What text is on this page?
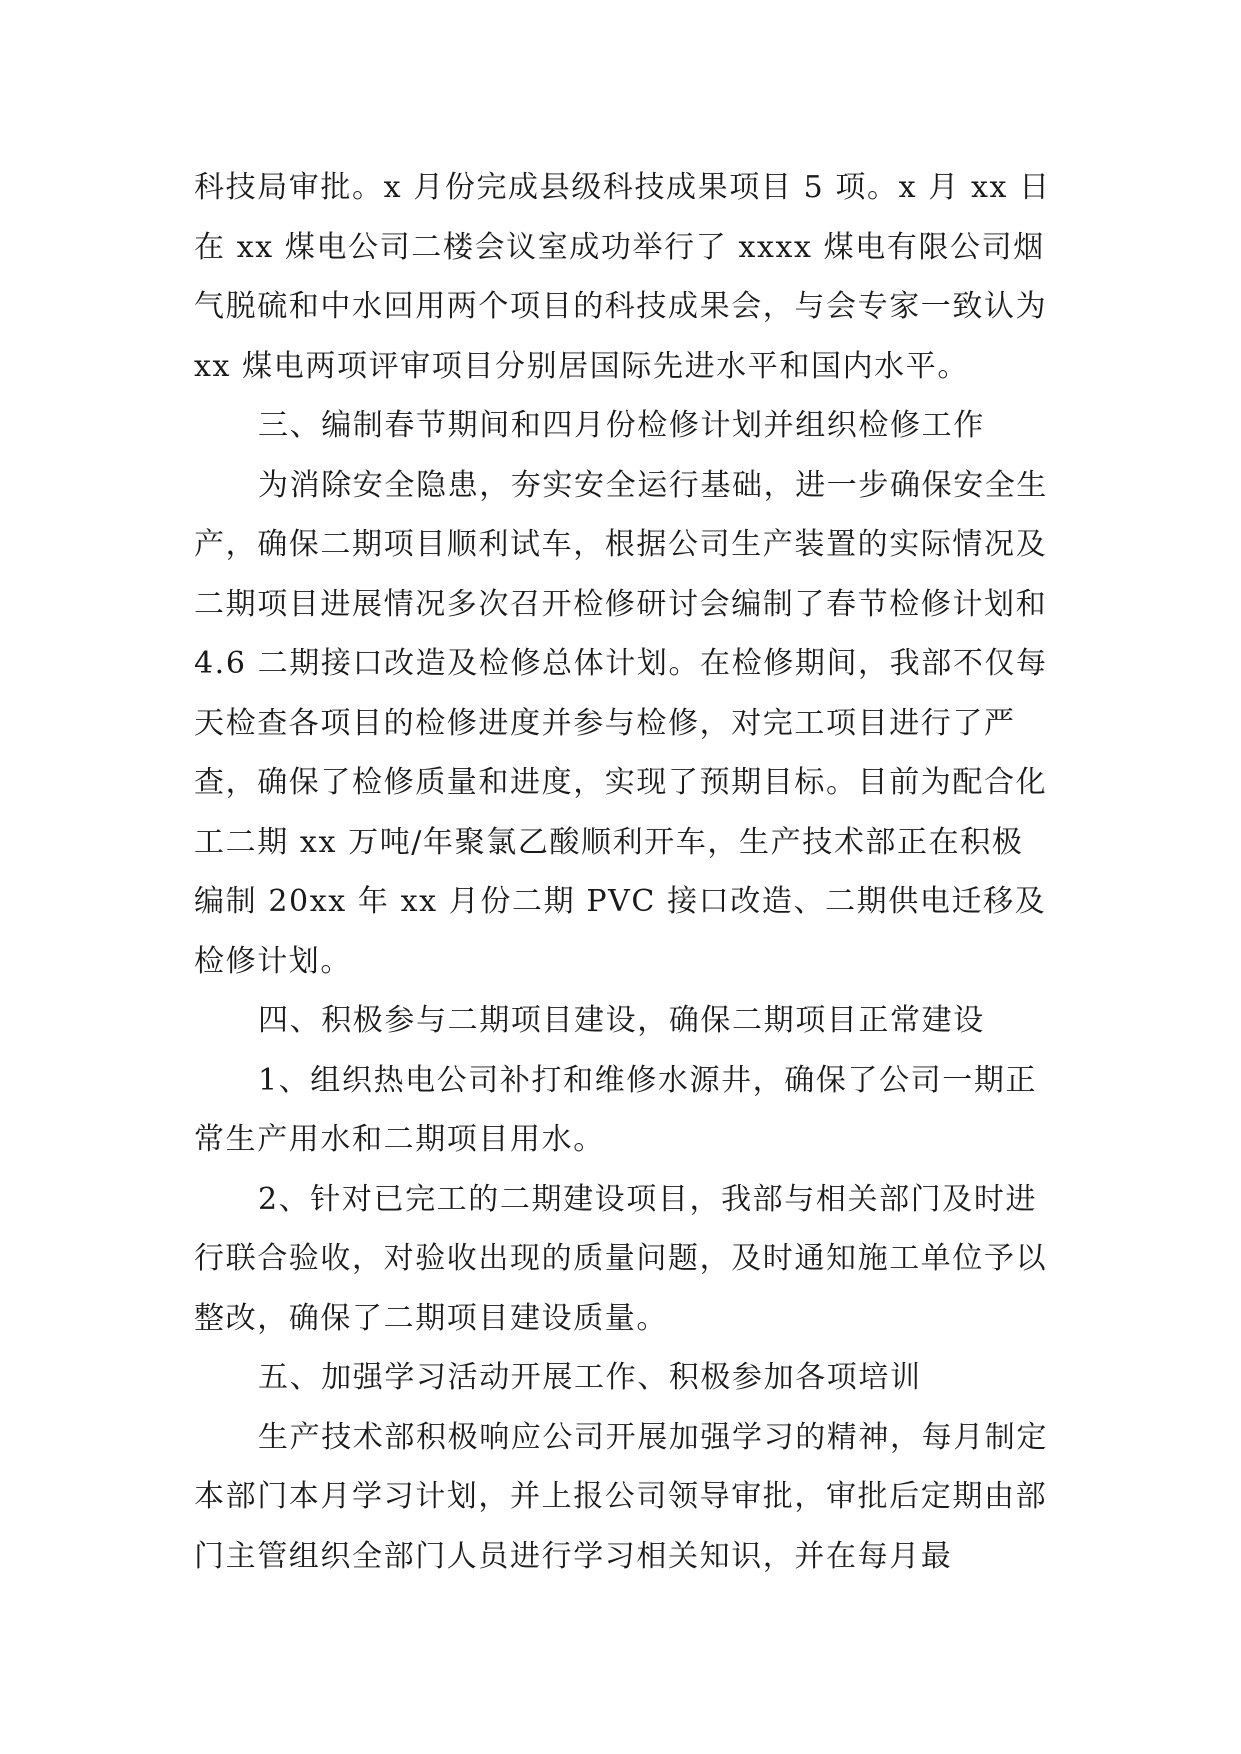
科技局审批。x 月份完成县级科技成果项目 5 项。x 月 xx 日在 xx 煤电公司二楼会议室成功举行了 xxxx 煤电有限公司烟气脱硫和中水回用两个项目的科技成果会，与会专家一致认为 xx 煤电两项评审项目分别居国际先进水平和国内水平。

三、编制春节期间和四月份检修计划并组织检修工作

为消除安全隐患，夯实安全运行基础，进一步确保安全生产，确保二期项目顺利试车，根据公司生产装置的实际情况及二期项目进展情况多次召开检修研讨会编制了春节检修计划和 4.6 二期接口改造及检修总体计划。在检修期间，我部不仅每天检查各项目的检修进度并参与检修，对完工项目进行了严查，确保了检修质量和进度，实现了预期目标。目前为配合化工二期 xx 万吨/年聚氯乙酸顺利开车，生产技术部正在积极编制 20xx 年 xx 月份二期 PVC 接口改造、二期供电迁移及检修计划。

四、积极参与二期项目建设，确保二期项目正常建设

1、组织热电公司补打和维修水源井，确保了公司一期正常生产用水和二期项目用水。

2、针对已完工的二期建设项目，我部与相关部门及时进行联合验收，对验收出现的质量问题，及时通知施工单位予以整改，确保了二期项目建设质量。

五、加强学习活动开展工作、积极参加各项培训

生产技术部积极响应公司开展加强学习的精神，每月制定本部门本月学习计划，并上报公司领导审批，审批后定期由部门主管组织全部门人员进行学习相关知识，并在每月最
